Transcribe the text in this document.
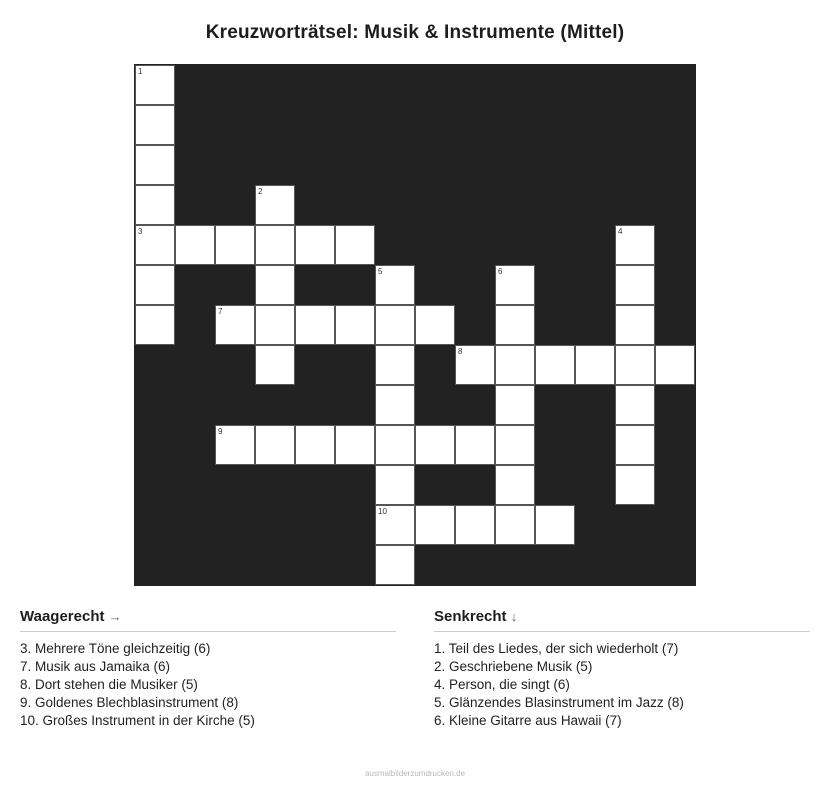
Kreuzworträtsel: Musik & Instrumente (Mittel)
1
2
3	4
5	6
7
8
9
10
Waagerecht →
3. Mehrere Töne gleichzeitig (6)
7. Musik aus Jamaika (6)
8. Dort stehen die Musiker (5)
9. Goldenes Blechblasinstrument (8)
10. Großes Instrument in der Kirche (5)
Senkrecht ↓
1. Teil des Liedes, der sich wiederholt (7)
2. Geschriebene Musik (5)
4. Person, die singt (6)
5. Glänzendes Blasinstrument im Jazz (8)
6. Kleine Gitarre aus Hawaii (7)
ausmalbilderzumdrucken.de
